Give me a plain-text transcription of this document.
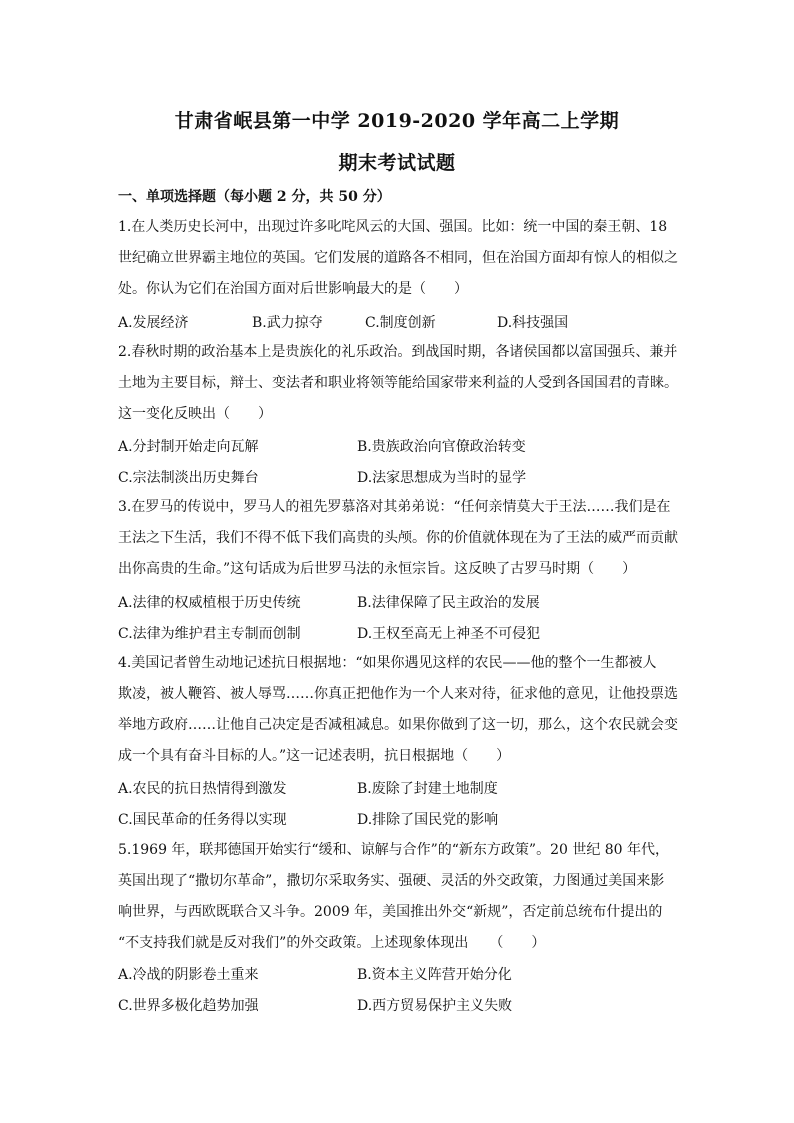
甘肃省岷县第一中学 2019-2020 学年高二上学期
期末考试试题
一、单项选择题（每小题 2 分，共 50 分）
1.在人类历史长河中，出现过许多叱咤风云的大国、强国。比如：统一中国的秦王朝、18
世纪确立世界霸主地位的英国。它们发展的道路各不相同，但在治国方面却有惊人的相似之
处。你认为它们在治国方面对后世影响最大的是（　　）
A.发展经济	B.武力掠夺	C.制度创新	D.科技强国
2.春秋时期的政治基本上是贵族化的礼乐政治。到战国时期，各诸侯国都以富国强兵、兼并
土地为主要目标，辩士、变法者和职业将领等能给国家带来利益的人受到各国国君的青睐。
这一变化反映出（　　）
A.分封制开始走向瓦解	B.贵族政治向官僚政治转变
C.宗法制淡出历史舞台	D.法家思想成为当时的显学
3.在罗马的传说中，罗马人的祖先罗慕洛对其弟弟说：“任何亲情莫大于王法……我们是在
王法之下生活，我们不得不低下我们高贵的头颅。你的价值就体现在为了王法的威严而贡献
出你高贵的生命。”这句话成为后世罗马法的永恒宗旨。这反映了古罗马时期（　　）
A.法律的权威植根于历史传统	B.法律保障了民主政治的发展
C.法律为维护君主专制而创制	D.王权至高无上神圣不可侵犯
4.美国记者曾生动地记述抗日根据地：“如果你遇见这样的农民——他的整个一生都被人
欺凌，被人鞭笞、被人辱骂……你真正把他作为一个人来对待，征求他的意见，让他投票选
举地方政府……让他自己决定是否减租减息。如果你做到了这一切，那么，这个农民就会变
成一个具有奋斗目标的人。”这一记述表明，抗日根据地（　　）
A.农民的抗日热情得到激发	B.废除了封建土地制度
C.国民革命的任务得以实现	D.排除了国民党的影响
5.1969 年，联邦德国开始实行“缓和、谅解与合作”的“新东方政策”。20 世纪 80 年代，
英国出现了“撒切尔革命”，撒切尔采取务实、强硬、灵活的外交政策，力图通过美国来影
响世界，与西欧既联合又斗争。2009 年，美国推出外交“新规”，否定前总统布什提出的
“不支持我们就是反对我们”的外交政策。上述现象体现出　　（　　）
A.冷战的阴影卷土重来	B.资本主义阵营开始分化
C.世界多极化趋势加强	D.西方贸易保护主义失败
